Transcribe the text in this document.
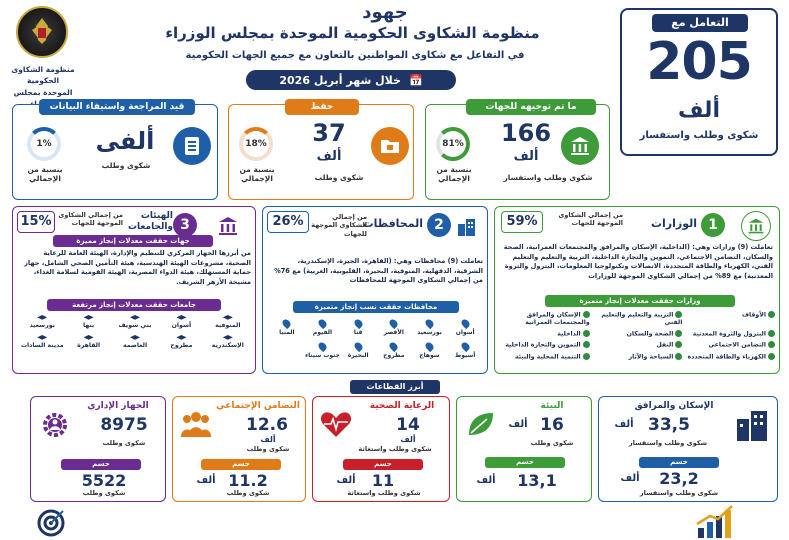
جهود
منظومة الشكاوى الحكومية الموحدة بمجلس الوزراء
في التفاعل مع شكاوى المواطنين بالتعاون مع جميع الجهات الحكومية
📅
خلال شهر أبريل 2026
منظومة الشكاوى الحكومية
الموحدة بمجلس
التعامل مع
205
ألف
شكوى وطلب واستفسار
ما تم توجيهه للجهات
166
ألف
شكوى وطلب واستفسار
81%
بنسبة من الإجمالي
حفظ
37
ألف
شكوى وطلب
18%
بنسبة من الإجمالي
قيد المراجعة واستيفاء البيانات
ألفى
شكوى وطلب
1%
بنسبة من الإجمالي
1
الوزارات
من إجمالي الشكاوى الموجهة للجهات
59%
تعاملت (9) وزارات وهي: (الداخلية، الإسكان والمرافق والمجتمعات العمرانية، الصحة والسكان، التضامن الاجتماعي، التموين والتجارة الداخلية، التربية والتعليم والتعليم الفني، الكهرباء والطاقة المتجددة، الاتصالات وتكنولوجيا المعلومات، البترول والثروة المعدنية) مع 89% من إجمالي الشكاوى الموجهة للوزارات
وزارات حققت معدلات إنجاز متميزة
الأوقاف
التربية والتعليم والتعليم الفني
الإسكان والمرافق والمجتمعات العمرانية
البترول والثروة المعدنية
الصحة والسكان
الداخلية
التضامن الاجتماعي
النقل
التموين والتجارة الداخلية
الكهرباء والطاقة المتجددة
السياحة والآثار
التنمية المحلية والبيئة
2
المحافظات
من إجمالي الشكاوى الموجهة للجهات
26%
تعاملت (9) محافظات وهي: (القاهرة، الجيزة، الإسكندرية، الشرقية، الدقهلية، المنوفية، البحيرة، القليوبية، الغربية) مع 76% من إجمالي الشكاوى الموجهة للمحافظات
محافظات حققت نسب إنجاز متميزة
أسوان
بورسعيد
الأقصر
قنا
الفيوم
المنيا
أسيوط
سوهاج
مطروح
البحيرة
جنوب سيناء
3
الهيئات
والجامعات
من إجمالي الشكاوى الموجهة للجهات
15%
جهات حققت معدلات إنجاز مميزة
من أبرزها الجهاز المركزي للتنظيم والإدارة، الهيئة العامة للرعاية الصحية، مشروعات الهيئة الهندسية، هيئة التأمين الصحي الشامل، جهاز حماية المستهلك، هيئة الدواء المصرية، الهيئة القومية لسلامة الغذاء، مشيخة الأزهر الشريف.
جامعات حققت معدلات إنجاز مرتفعة
المنوفية
أسوان
بني سويف
بنها
بورسعيد
الإسكندرية
مطروح
العاصمة
القاهرة
مدينة السادات
أبرز القطاعات
الإسكان والمرافق
33,5
ألف
شكوى وطلب واستفسار
حسم
23,2
ألف
شكوى وطلب واستفسار
البيئة
16
ألف
شكوى وطلب
حسم
13,1
ألف
الرعاية الصحية
14
ألف
شكوى وطلب واستغاثة
حسم
11
ألف
شكوى وطلب واستغاثة
التضامن الإجتماعي
12.6
ألف
شكوى وطلب
حسم
11.2
ألف
شكوى وطلب
الجهاز الإداري
8975
شكوى وطلب
حسم
5522
شكوى وطلب
